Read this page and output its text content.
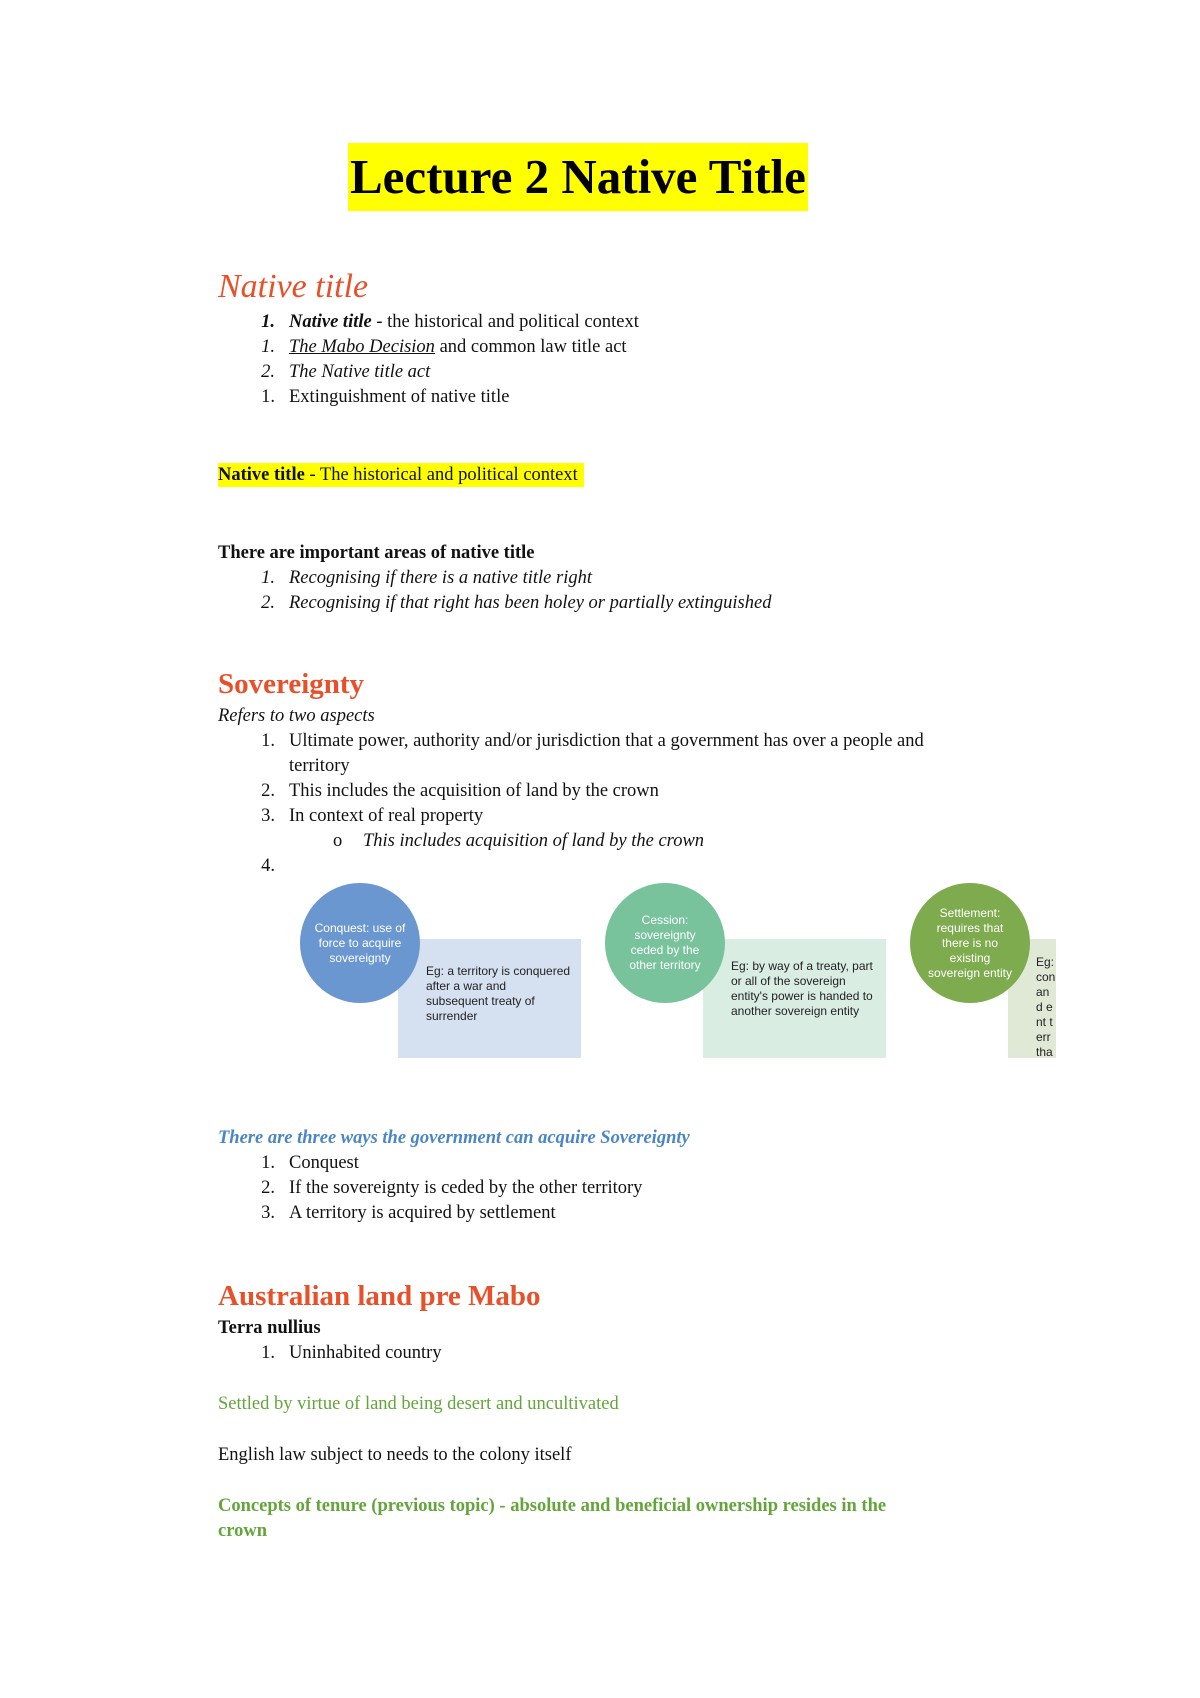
Lecture 2 Native Title
Native title
1. Native title - the historical and political context
1. The Mabo Decision and common law title act
2. The Native title act
1. Extinguishment of native title
Native title - The historical and political context
There are important areas of native title
1. Recognising if there is a native title right
2. Recognising if that right has been holey or partially extinguished
Sovereignty
Refers to two aspects
1. Ultimate power, authority and/or jurisdiction that a government has over a people and
territory
2. This includes the acquisition of land by the crown
3. In context of real property
o This includes acquisition of land by the crown
4.
Eg: a territory is conquered after a war and subsequent treaty of surrender
Conquest: use of force to acquire sovereignty
Eg: by way of a treaty, part or all of the sovereign entity's power is handed to another sovereign entity
Cession: sovereignty ceded by the other territory	Eg: con and ent terr tha
Settlement: requires that there is no existing sovereign entity
There are three ways the government can acquire Sovereignty
1. Conquest
2. If the sovereignty is ceded by the other territory
3. A territory is acquired by settlement
Australian land pre Mabo
Terra nullius
1. Uninhabited country
Settled by virtue of land being desert and uncultivated
English law subject to needs to the colony itself
Concepts of tenure (previous topic) - absolute and beneficial ownership resides in the
crown
